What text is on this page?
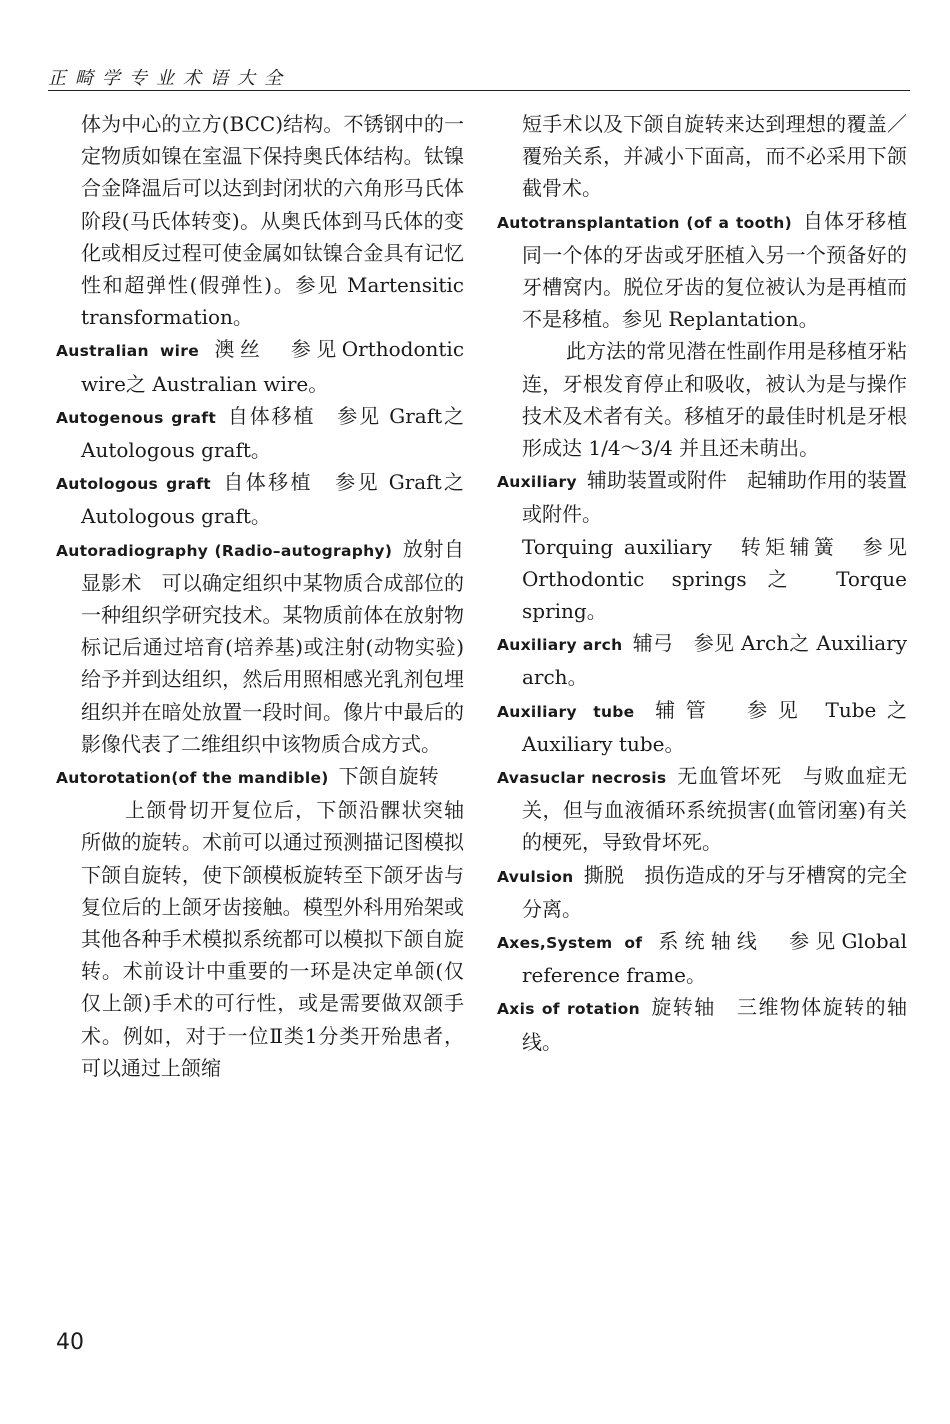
正畸学专业术语大全

体为中心的立方(BCC)结构。不锈钢中的一定物质如镍在室温下保持奥氏体结构。钛镍合金降温后可以达到封闭状的六角形马氏体阶段(马氏体转变)。从奥氏体到马氏体的变化或相反过程可使金属如钛镍合金具有记忆性和超弹性(假弹性)。参见 Martensitic transformation。

Australian wire 澳丝　 参见Orthodontic wire之 Australian wire。

Autogenous graft 自体移植　 参见 Graft之 Autologous graft。

Autologous graft 自体移植　 参见 Graft之 Autologous graft。

Autoradiography (Radio–autography) 放射自显影术　 可以确定组织中某物质合成部位的一种组织学研究技术。某物质前体在放射物标记后通过培育(培养基)或注射(动物实验)给予并到达组织，然后用照相感光乳剂包埋组织并在暗处放置一段时间。像片中最后的影像代表了二维组织中该物质合成方式。

Autorotation(of the mandible) 下颌自旋转

上颌骨切开复位后，下颌沿髁状突轴所做的旋转。术前可以通过预测描记图模拟下颌自旋转，使下颌模板旋转至下颌牙齿与复位后的上颌牙齿接触。模型外科用殆架或其他各种手术模拟系统都可以模拟下颌自旋转。术前设计中重要的一环是决定单颌(仅仅上颌)手术的可行性，或是需要做双颌手术。例如，对于一位Ⅱ类1分类开殆患者，可以通过上颌缩

短手术以及下颌自旋转来达到理想的覆盖／覆殆关系，并减小下面高，而不必采用下颌截骨术。

Autotransplantation (of a tooth) 自体牙移植　同一个体的牙齿或牙胚植入另一个预备好的牙槽窝内。脱位牙齿的复位被认为是再植而不是移植。参见 Replantation。

此方法的常见潜在性副作用是移植牙粘连，牙根发育停止和吸收，被认为是与操作技术及术者有关。移植牙的最佳时机是牙根形成达 1/4～3/4 并且还未萌出。

Auxiliary 辅助装置或附件　 起辅助作用的装置或附件。

Torquing auxiliary　转矩辅簧　参见Orthodontic springs之 Torque spring。

Auxiliary arch 辅弓　 参见 Arch之 Auxiliary arch。

Auxiliary tube 辅管　 参见 Tube之 Auxiliary tube。

Avasuclar necrosis 无血管坏死　 与败血症无关，但与血液循环系统损害(血管闭塞)有关的梗死，导致骨坏死。

Avulsion 撕脱　 损伤造成的牙与牙槽窝的完全分离。

Axes,System of 系统轴线　 参见Global reference frame。

Axis of rotation 旋转轴　 三维物体旋转的轴线。

40
